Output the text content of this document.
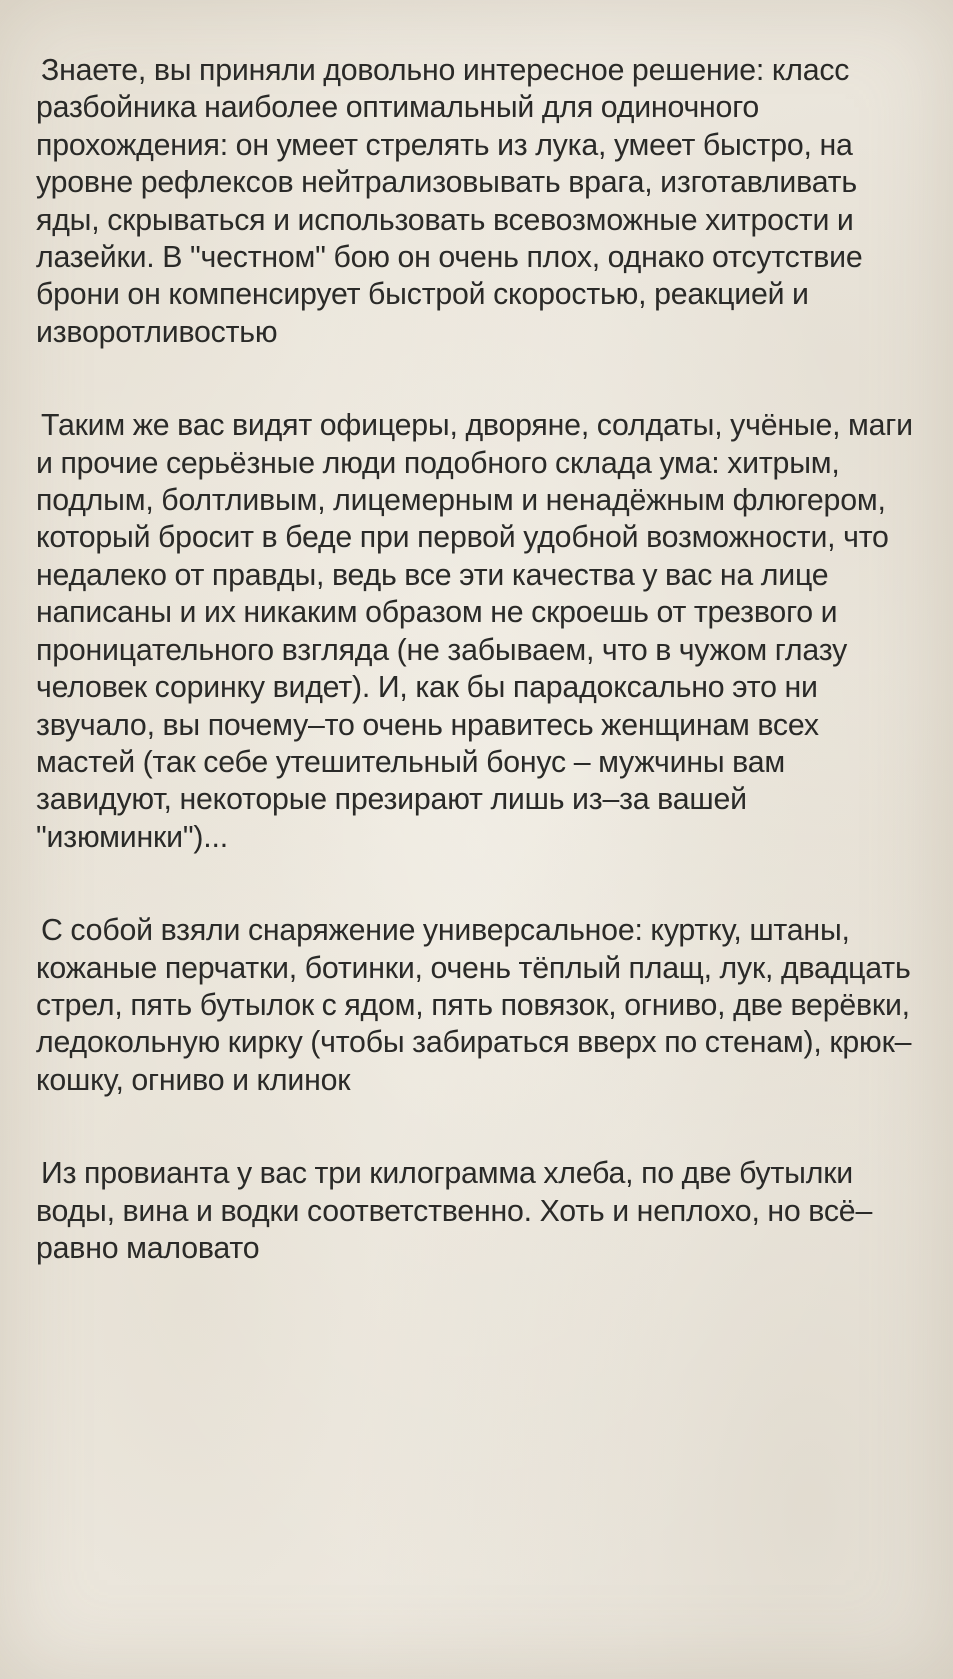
Знаете, вы приняли довольно интересное решение: класс разбойника наиболее оптимальный для одиночного прохождения: он умеет стрелять из лука, умеет быстро, на уровне рефлексов нейтрализовывать врага, изготавливать яды, скрываться и использовать всевозможные хитрости и лазейки. В "честном" бою он очень плох, однако отсутствие брони он компенсирует быстрой скоростью, реакцией и изворотливостью

Таким же вас видят офицеры, дворяне, солдаты, учёные, маги и прочие серьёзные люди подобного склада ума: хитрым, подлым, болтливым, лицемерным и ненадёжным флюгером, который бросит в беде при первой удобной возможности, что недалеко от правды, ведь все эти качества у вас на лице написаны и их никаким образом не скроешь от трезвого и проницательного взгляда (не забываем, что в чужом глазу человек соринку видет). И, как бы парадоксально это ни звучало, вы почему–то очень нравитесь женщинам всех мастей (так себе утешительный бонус – мужчины вам завидуют, некоторые презирают лишь из–за вашей "изюминки")...

С собой взяли снаряжение универсальное: куртку, штаны, кожаные перчатки, ботинки, очень тёплый плащ, лук, двадцать стрел, пять бутылок с ядом, пять повязок, огниво, две верёвки, ледокольную кирку (чтобы забираться вверх по стенам), крюк–кошку, огниво и клинок

Из провианта у вас три килограмма хлеба, по две бутылки воды, вина и водки соответственно. Хоть и неплохо, но всё–равно маловато
